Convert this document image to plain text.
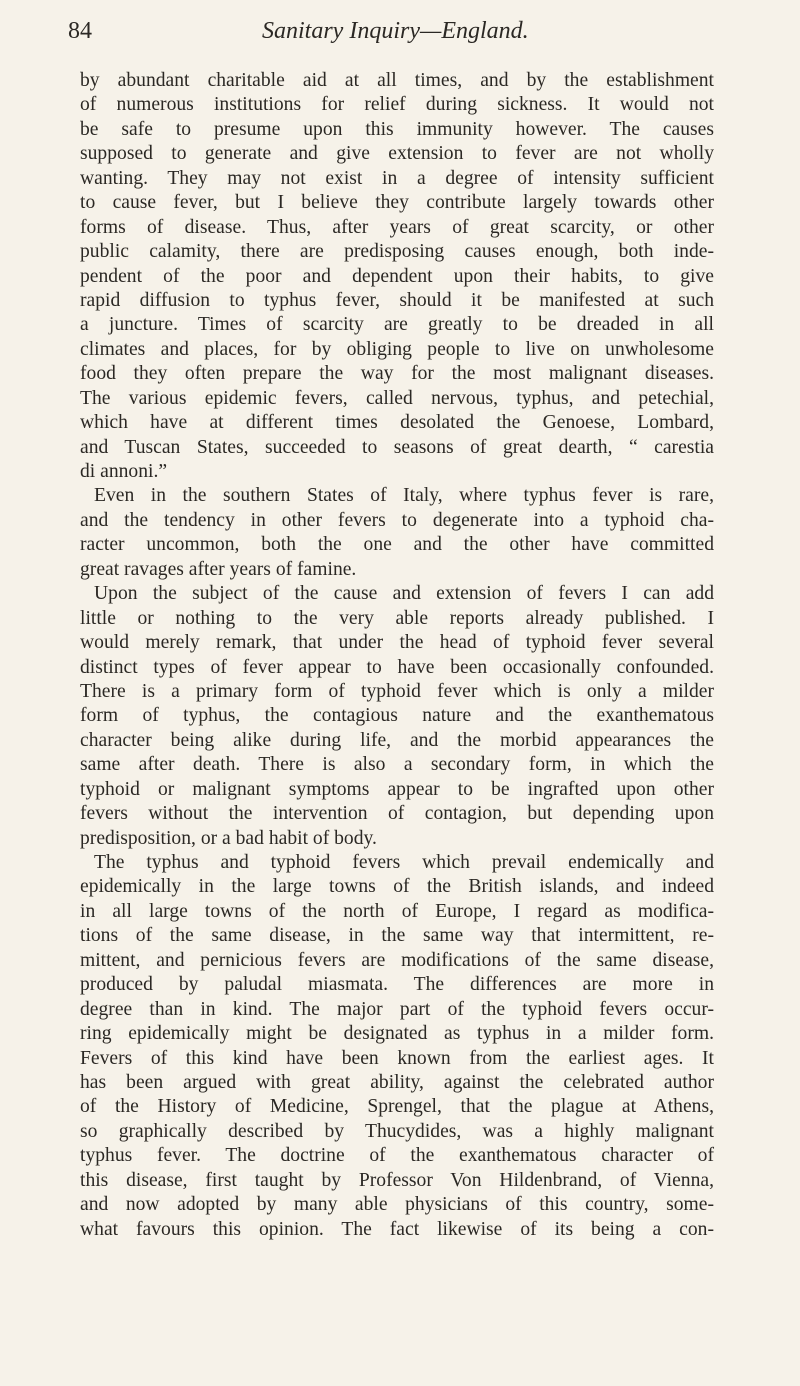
84	Sanitary Inquiry—England.
by abundant charitable aid at all times, and by the establishment
of numerous institutions for relief during sickness. It would not
be safe to presume upon this immunity however. The causes
supposed to generate and give extension to fever are not wholly
wanting. They may not exist in a degree of intensity sufficient
to cause fever, but I believe they contribute largely towards other
forms of disease. Thus, after years of great scarcity, or other
public calamity, there are predisposing causes enough, both inde-
pendent of the poor and dependent upon their habits, to give
rapid diffusion to typhus fever, should it be manifested at such
a juncture. Times of scarcity are greatly to be dreaded in all
climates and places, for by obliging people to live on unwholesome
food they often prepare the way for the most malignant diseases.
The various epidemic fevers, called nervous, typhus, and petechial,
which have at different times desolated the Genoese, Lombard,
and Tuscan States, succeeded to seasons of great dearth, “ carestia
di annoni.”
Even in the southern States of Italy, where typhus fever is rare,
and the tendency in other fevers to degenerate into a typhoid cha-
racter uncommon, both the one and the other have committed
great ravages after years of famine.
Upon the subject of the cause and extension of fevers I can add
little or nothing to the very able reports already published. I
would merely remark, that under the head of typhoid fever several
distinct types of fever appear to have been occasionally confounded.
There is a primary form of typhoid fever which is only a milder
form of typhus, the contagious nature and the exanthematous
character being alike during life, and the morbid appearances the
same after death. There is also a secondary form, in which the
typhoid or malignant symptoms appear to be ingrafted upon other
fevers without the intervention of contagion, but depending upon
predisposition, or a bad habit of body.
The typhus and typhoid fevers which prevail endemically and
epidemically in the large towns of the British islands, and indeed
in all large towns of the north of Europe, I regard as modifica-
tions of the same disease, in the same way that intermittent, re-
mittent, and pernicious fevers are modifications of the same disease,
produced by paludal miasmata. The differences are more in
degree than in kind. The major part of the typhoid fevers occur-
ring epidemically might be designated as typhus in a milder form.
Fevers of this kind have been known from the earliest ages. It
has been argued with great ability, against the celebrated author
of the History of Medicine, Sprengel, that the plague at Athens,
so graphically described by Thucydides, was a highly malignant
typhus fever. The doctrine of the exanthematous character of
this disease, first taught by Professor Von Hildenbrand, of Vienna,
and now adopted by many able physicians of this country, some-
what favours this opinion. The fact likewise of its being a con-
